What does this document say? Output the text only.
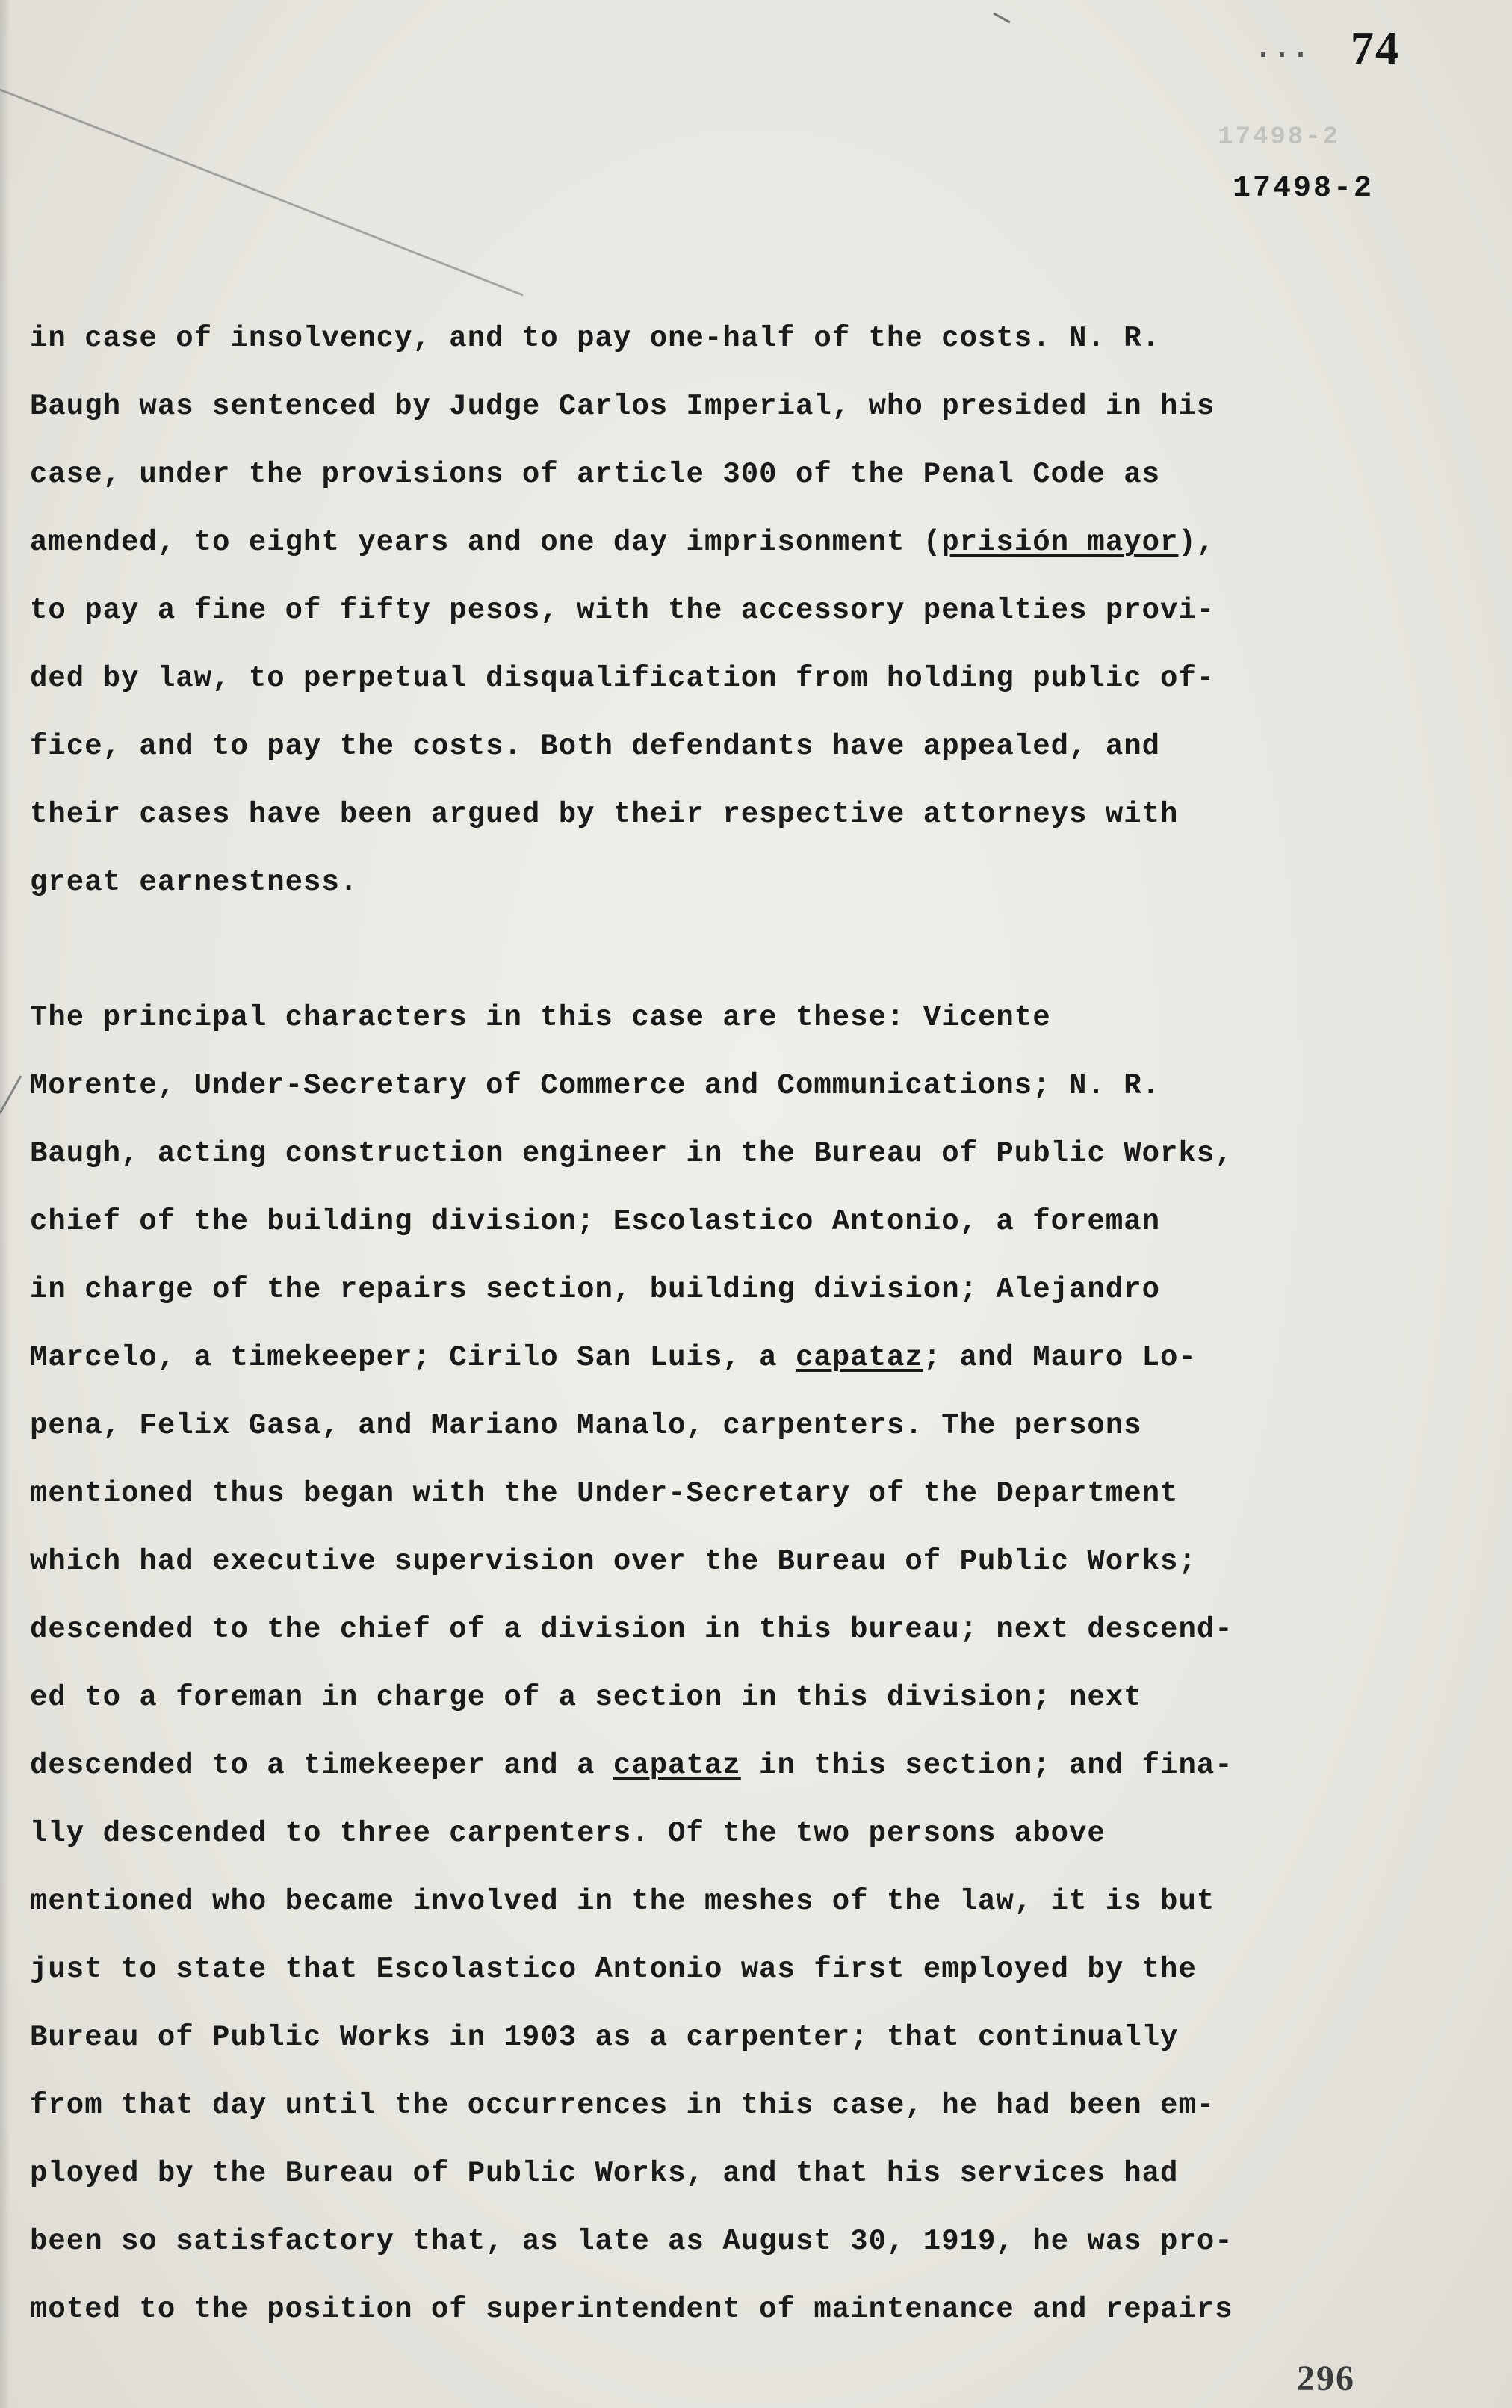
... 74
17498-2
17498-2
in case of insolvency, and to pay one-half of the costs. N. R.
Baugh was sentenced by Judge Carlos Imperial, who presided in his
case, under the provisions of article 300 of the Penal Code as
amended, to eight years and one day imprisonment (prisión mayor),
to pay a fine of fifty pesos, with the accessory penalties provi-
ded by law, to perpetual disqualification from holding public of-
fice, and to pay the costs. Both defendants have appealed, and
their cases have been argued by their respective attorneys with
great earnestness.
The principal characters in this case are these: Vicente
Morente, Under-Secretary of Commerce and Communications; N. R.
Baugh, acting construction engineer in the Bureau of Public Works,
chief of the building division; Escolastico Antonio, a foreman
in charge of the repairs section, building division; Alejandro
Marcelo, a timekeeper; Cirilo San Luis, a capataz; and Mauro Lo-
pena, Felix Gasa, and Mariano Manalo, carpenters. The persons
mentioned thus began with the Under-Secretary of the Department
which had executive supervision over the Bureau of Public Works;
descended to the chief of a division in this bureau; next descend-
ed to a foreman in charge of a section in this division; next
descended to a timekeeper and a capataz in this section; and fina-
lly descended to three carpenters. Of the two persons above
mentioned who became involved in the meshes of the law, it is but
just to state that Escolastico Antonio was first employed by the
Bureau of Public Works in 1903 as a carpenter; that continually
from that day until the occurrences in this case, he had been em-
ployed by the Bureau of Public Works, and that his services had
been so satisfactory that, as late as August 30, 1919, he was pro-
moted to the position of superintendent of maintenance and repairs
296
